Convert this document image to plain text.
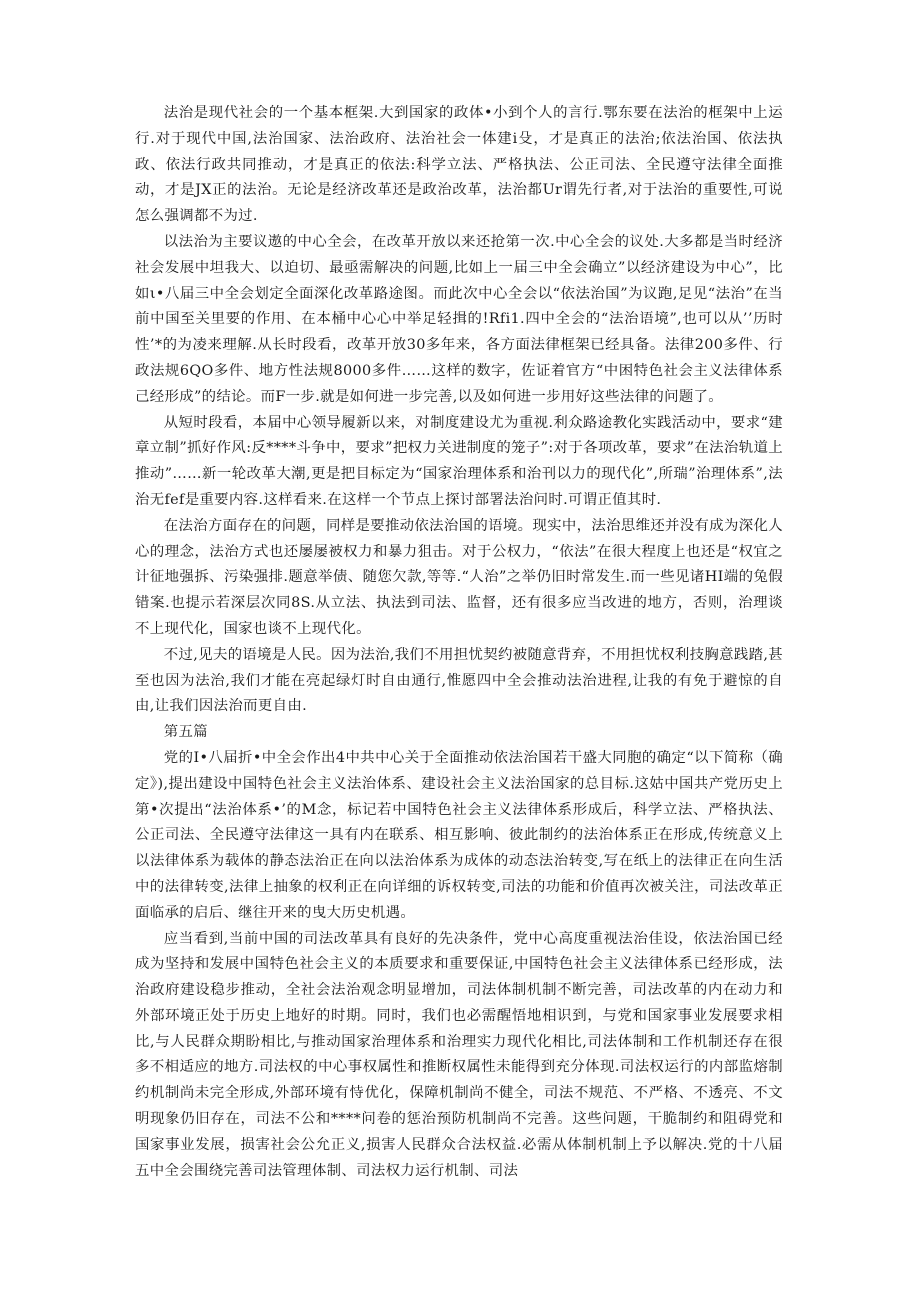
法治是现代社会的一个基本框架.大到国家的政体•小到个人的言行.鄂东要在法治的框架中上运行.对于现代中国,法治国家、法治政府、法治社会一体建i殳，才是真正的法治;依法治国、依法执政、依法行政共同推动，才是真正的依法:科学立法、严格执法、公正司法、全民遵守法律全面推动，才是JX正的法治。无论是经济改革还是政治改革，法治都Ur谓先行者,对于法治的重要性,可说怎么强调都不为过.

以法治为主要议遨的中心全会，在改革开放以来还抢第一次.中心全会的议处.大多都是当时经济社会发展中坦我大、以迫切、最亟需解决的问题,比如上一届三中全会确立”以经济建设为中心”，比如ι•八届三中全会划定全面深化改革路途图。而此次中心全会以“依法治国”为议跑,足见“法治”在当前中国至关里要的作用、在本桶中心心中举足轻揖的!Rfi1.四中全会的“法治语境”,也可以从’’历时性’*的为凌来理解.从长时段看，改革开放30多年来，各方面法律框架已经具备。法律200多件、行政法规6QO多件、地方性法规8000多件……这样的数字，佐证着官方“中困特色社会主义法律体系己经形成”的结论。而F一步.就是如何进一步完善,以及如何进一步用好这些法律的问题了。

从短时段看，本届中心领导履新以来，对制度建设尤为重视.利众路途教化实践活动中，要求“建章立制”抓好作风:反****斗争中，要求”把权力关进制度的笼子”:对于各项改革，要求”在法治轨道上推动”……新一轮改革大潮,更是把目标定为“国家治理体系和治刊以力的现代化”,所瑞”治理体系”,法治无fef是重要内容.这样看来.在这样一个节点上探讨部署法治问时.可谓正值其时.

在法治方面存在的问题，同样是要推动依法治国的语境。现实中，法治思维还并没有成为深化人心的理念，法治方式也还屡屡被权力和暴力狙击。对于公权力，“依法”在很大程度上也还是“权宜之计征地强拆、污染强排.题意举债、随您欠款,等等.“人治”之举仍旧时常发生.而一些见诸HI端的兔假错案.也提示若深层次同8S.从立法、执法到司法、监督，还有很多应当改进的地方，否则，治理谈不上现代化，国家也谈不上现代化。

不过,见夫的语境是人民。因为法治,我们不用担忧契约被随意背弃，不用担忧权利技胸意践踏,甚至也因为法治,我们才能在亮起绿灯时自由通行,惟愿四中全会推动法治进程,让我的有免于避惊的自由,让我们因法治而更自由.

第五篇

党的I•八届折•中全会作出4中共中心关于全面推动依法治国若干盛大同胞的确定“以下简称（确定》),提出建设中国特色社会主义法治体系、建设社会主义法治国家的总目标.这姑中国共产党历史上第•次提出“法治体系•’的M念，标记若中国特色社会主义法律体系形成后，科学立法、严格执法、公正司法、全民遵守法律这一具有内在联系、相互影响、彼此制约的法治体系正在形成,传统意义上以法律体系为载体的静态法治正在向以法治体系为成体的动态法治转变,写在纸上的法律正在向生活中的法律转变,法律上抽象的权利正在向详细的诉权转变,司法的功能和价值再次被关注，司法改革正面临承的启后、继往开来的曳大历史机遇。

应当看到,当前中国的司法改革具有良好的先决条件，党中心高度重视法治佳设，依法治国已经成为坚持和发展中国特色社会主义的本质要求和重要保证,中国特色社会主义法律体系已经形成，法治政府建设稳步推动，全社会法治观念明显增加，司法体制机制不断完善，司法改革的内在动力和外部环境正处于历史上地好的时期。同时，我们也必需醒悟地相识到，与党和国家事业发展要求相比,与人民群众期盼相比,与推动国家治理体系和治理实力现代化相比,司法体制和工作机制还存在很多不相适应的地方.司法权的中心事权属性和推断权属性未能得到充分体现.司法权运行的内部监熔制约机制尚未完全形成,外部环境有恃优化，保障机制尚不健全，司法不规范、不严格、不透亮、不文明现象仍旧存在，司法不公和****问卷的惩治预防机制尚不完善。这些问题，干脆制约和阻碍党和国家事业发展，损害社会公允正义,损害人民群众合法权益.必需从体制机制上予以解决.党的十八届五中全会围绕完善司法管理体制、司法权力运行机制、司法
